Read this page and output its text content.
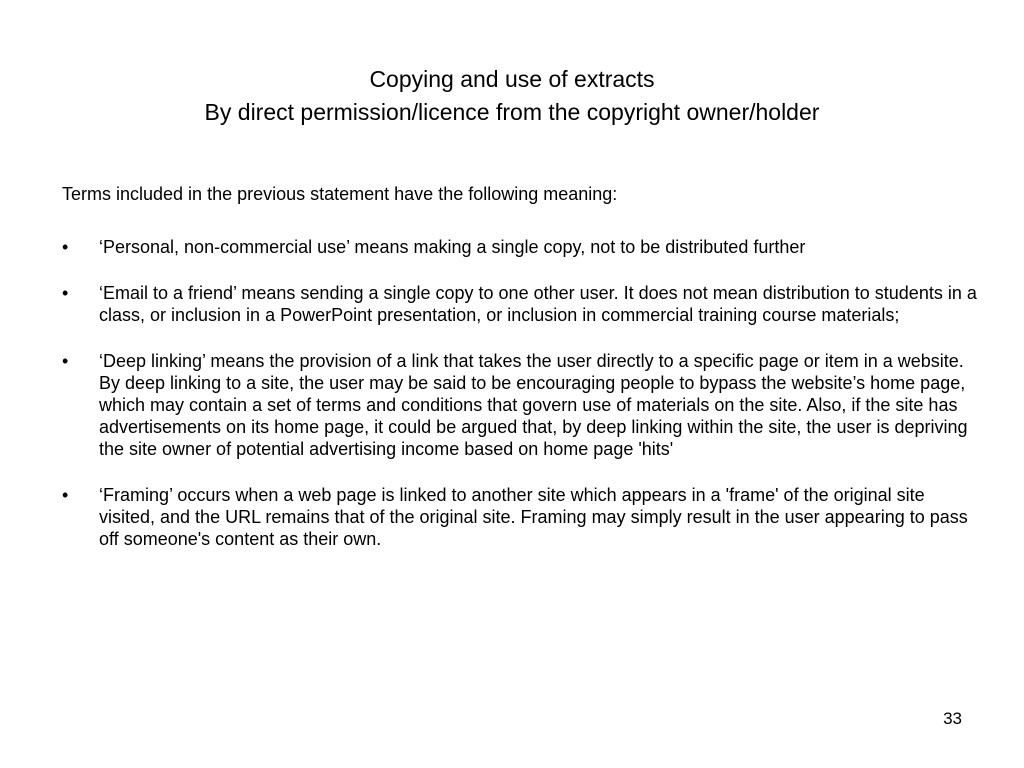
Copying and use of extracts
By direct permission/licence from the copyright owner/holder
Terms included in the previous statement have the following meaning:
• ‘Personal, non-commercial use’ means making a single copy, not to be distributed further
• ‘Email to a friend’ means sending a single copy to one other user. It does not mean distribution to students in a class, or inclusion in a PowerPoint presentation, or inclusion in commercial training course materials;
• ‘Deep linking’ means the provision of a link that takes the user directly to a specific page or item in a website. By deep linking to a site, the user may be said to be encouraging people to bypass the website’s home page, which may contain a set of terms and conditions that govern use of materials on the site. Also, if the site has advertisements on its home page, it could be argued that, by deep linking within the site, the user is depriving the site owner of potential advertising income based on home page 'hits'
• ‘Framing’ occurs when a web page is linked to another site which appears in a 'frame' of the original site visited, and the URL remains that of the original site. Framing may simply result in the user appearing to pass off someone's content as their own.
33
